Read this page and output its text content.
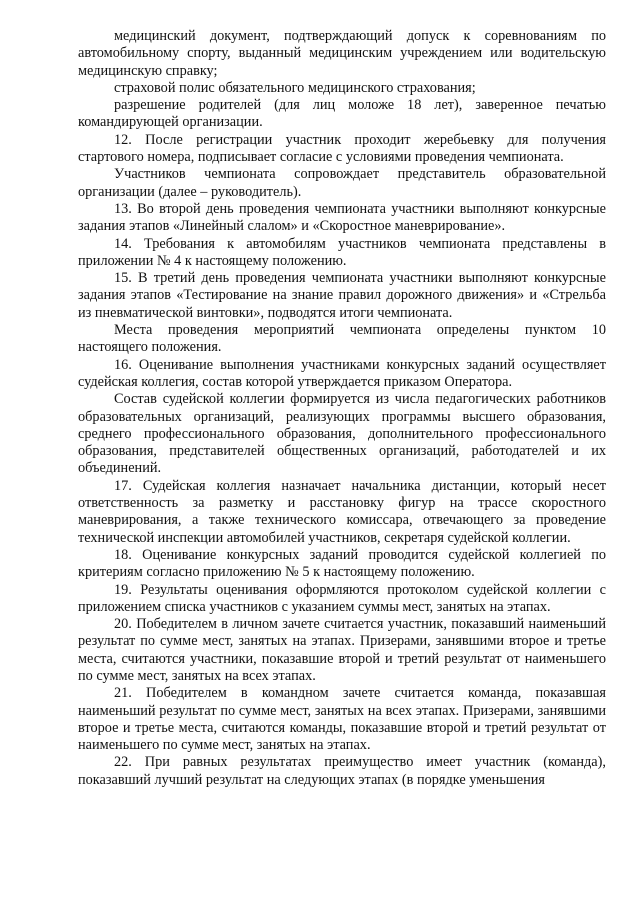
медицинский документ, подтверждающий допуск к соревнованиям по автомобильному спорту, выданный медицинским учреждением или водительскую медицинскую справку;

страховой полис обязательного медицинского страхования;

разрешение родителей (для лиц моложе 18 лет), заверенное печатью командирующей организации.

12. После регистрации участник проходит жеребьевку для получения стартового номера, подписывает согласие с условиями проведения чемпионата.

Участников чемпионата сопровождает представитель образовательной организации (далее – руководитель).

13. Во второй день проведения чемпионата участники выполняют конкурсные задания этапов «Линейный слалом» и «Скоростное маневрирование».

14. Требования к автомобилям участников чемпионата представлены в приложении № 4 к настоящему положению.

15. В третий день проведения чемпионата участники выполняют конкурсные задания этапов «Тестирование на знание правил дорожного движения» и «Стрельба из пневматической винтовки», подводятся итоги чемпионата.

Места проведения мероприятий чемпионата определены пунктом 10 настоящего положения.

16. Оценивание выполнения участниками конкурсных заданий осуществляет судейская коллегия, состав которой утверждается приказом Оператора.

Состав судейской коллегии формируется из числа педагогических работников образовательных организаций, реализующих программы высшего образования, среднего профессионального образования, дополнительного профессионального образования, представителей общественных организаций, работодателей и их объединений.

17. Судейская коллегия назначает начальника дистанции, который несет ответственность за разметку и расстановку фигур на трассе скоростного маневрирования, а также технического комиссара, отвечающего за проведение технической инспекции автомобилей участников, секретаря судейской коллегии.

18. Оценивание конкурсных заданий проводится судейской коллегией по критериям согласно приложению № 5 к настоящему положению.

19. Результаты оценивания оформляются протоколом судейской коллегии с приложением списка участников с указанием суммы мест, занятых на этапах.

20. Победителем в личном зачете считается участник, показавший наименьший результат по сумме мест, занятых на этапах. Призерами, занявшими второе и третье места, считаются участники, показавшие второй и третий результат от наименьшего по сумме мест, занятых на всех этапах.

21. Победителем в командном зачете считается команда, показавшая наименьший результат по сумме мест, занятых на всех этапах. Призерами, занявшими второе и третье места, считаются команды, показавшие второй и третий результат от наименьшего по сумме мест, занятых на этапах.

22. При равных результатах преимущество имеет участник (команда), показавший лучший результат на следующих этапах (в порядке уменьшения
